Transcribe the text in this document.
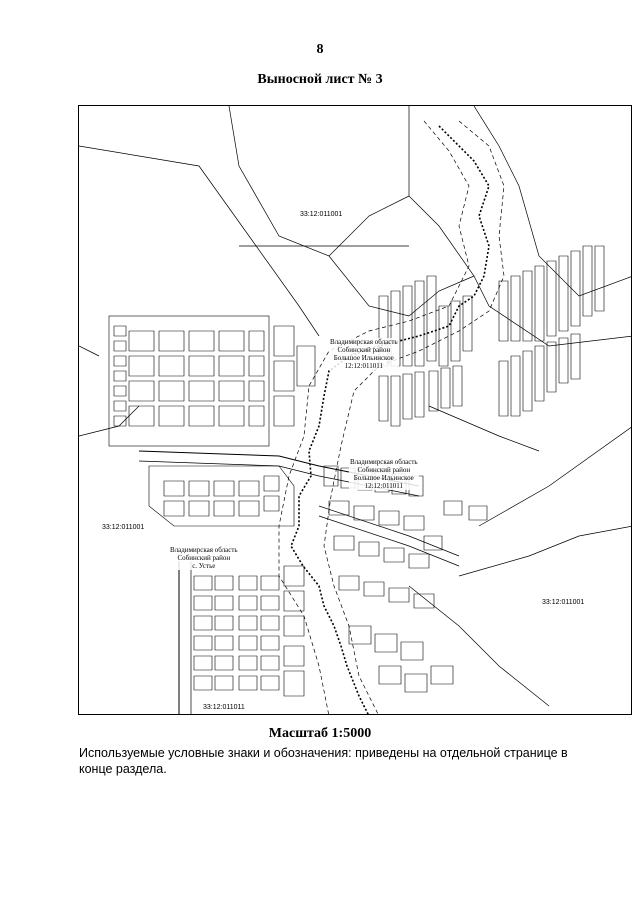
8
Выносной лист № 3
Владимирская область
Собинский район
Большое Ильинское
12:12:011011
Владимирская область
Собинский район
Большое Ильинское
12:12:011011
Владимирская область
Собинский район
с. Устье
33:12:011001
33:12:011001
33:12:011001
33:12:011011
Масштаб 1:5000
Используемые условные знаки и обозначения: приведены на отдельной странице в конце раздела.
